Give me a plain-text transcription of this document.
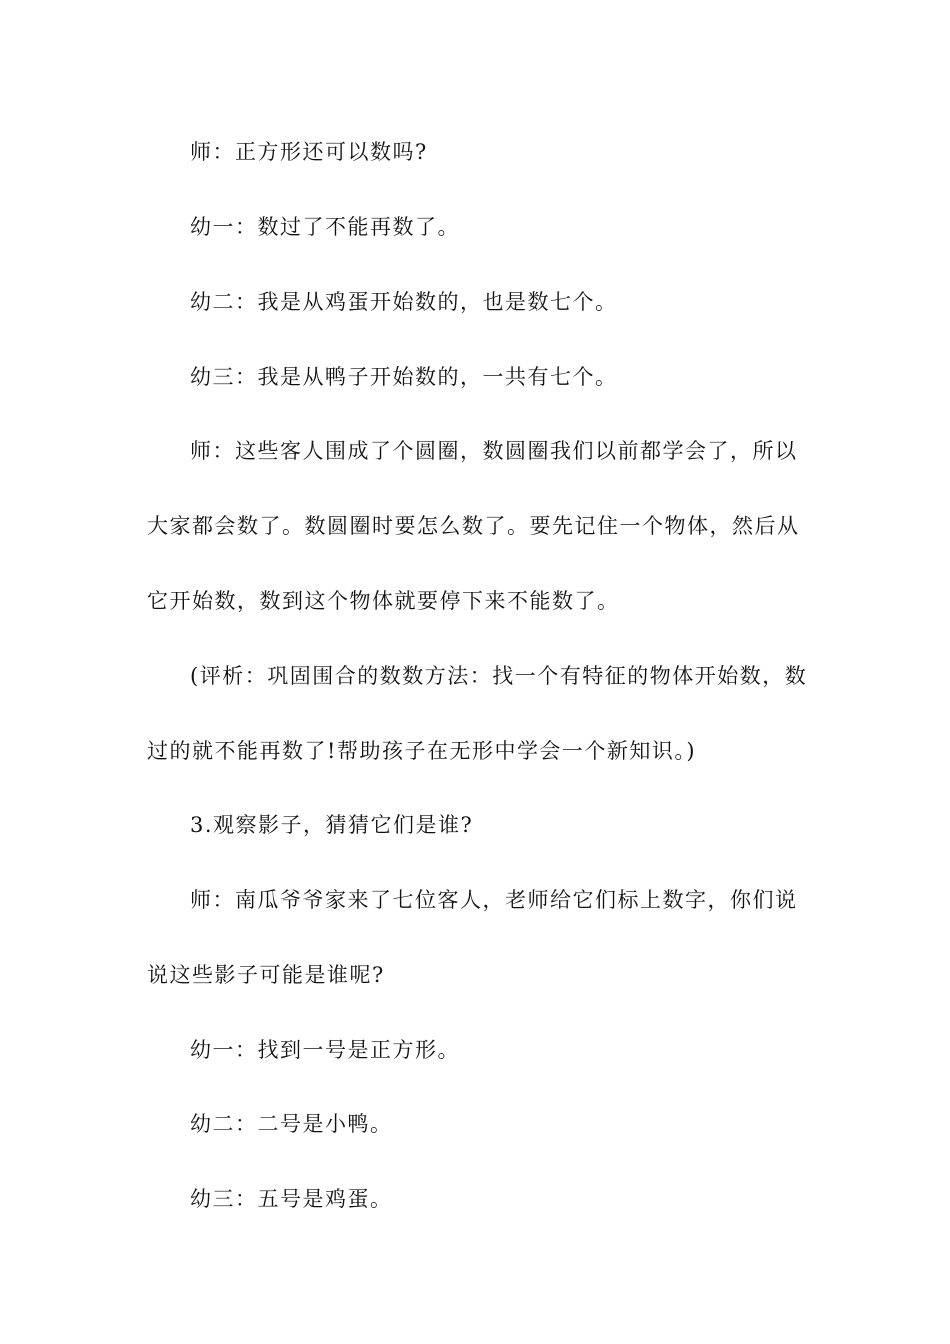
师：正方形还可以数吗?
幼一：数过了不能再数了。
幼二：我是从鸡蛋开始数的，也是数七个。
幼三：我是从鸭子开始数的，一共有七个。
师：这些客人围成了个圆圈，数圆圈我们以前都学会了，所以
大家都会数了。数圆圈时要怎么数了。要先记住一个物体，然后从
它开始数，数到这个物体就要停下来不能数了。
(评析：巩固围合的数数方法：找一个有特征的物体开始数，数
过的就不能再数了!帮助孩子在无形中学会一个新知识。)
3.观察影子，猜猜它们是谁?
师：南瓜爷爷家来了七位客人，老师给它们标上数字，你们说
说这些影子可能是谁呢?
幼一：找到一号是正方形。
幼二：二号是小鸭。
幼三：五号是鸡蛋。
